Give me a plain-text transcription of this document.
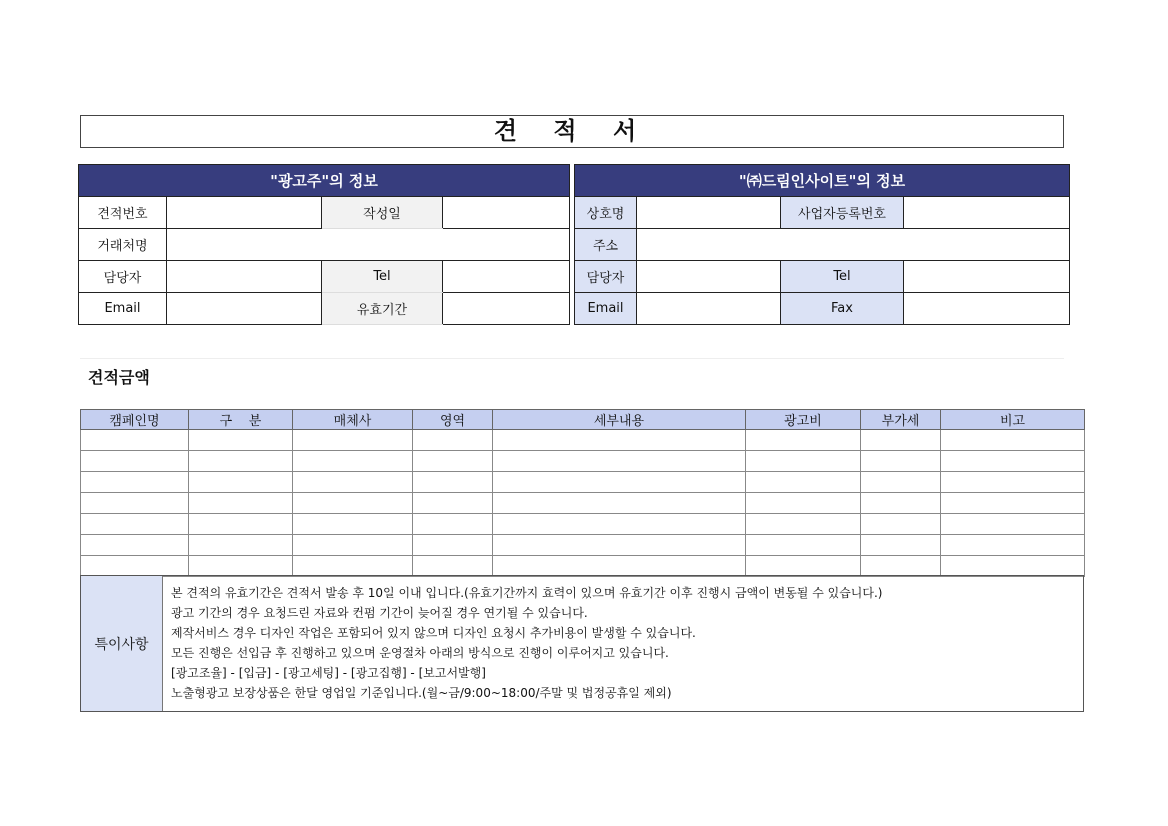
견 적 서
"광고주"의 정보			
견적번호		작성일	
거래처명			
담당자		Tel	
Email		유효기간	
"㈜드림인사이트"의 정보			
상호명		사업자등록번호	
주소			
담당자		Tel	
Email		Fax	
견적금액
캠페인명	구    분	매체사	영역	세부내용	광고비	부가세	비고

특이사항
본 견적의 유효기간은 견적서 발송 후 10일 이내 입니다.(유효기간까지 효력이 있으며 유효기간 이후 진행시 금액이 변동될 수 있습니다.)
광고 기간의 경우 요청드린 자료와 컨펌 기간이 늦어질 경우 연기될 수 있습니다.
제작서비스 경우 디자인 작업은 포함되어 있지 않으며 디자인 요청시 추가비용이 발생할 수 있습니다.
모든 진행은 선입금 후 진행하고 있으며 운영절차 아래의 방식으로 진행이 이루어지고 있습니다.
[광고조율] - [입금] - [광고세팅] - [광고집행] - [보고서발행]
노출형광고 보장상품은 한달 영업일 기준입니다.(월~금/9:00~18:00/주말 및 법정공휴일 제외)
